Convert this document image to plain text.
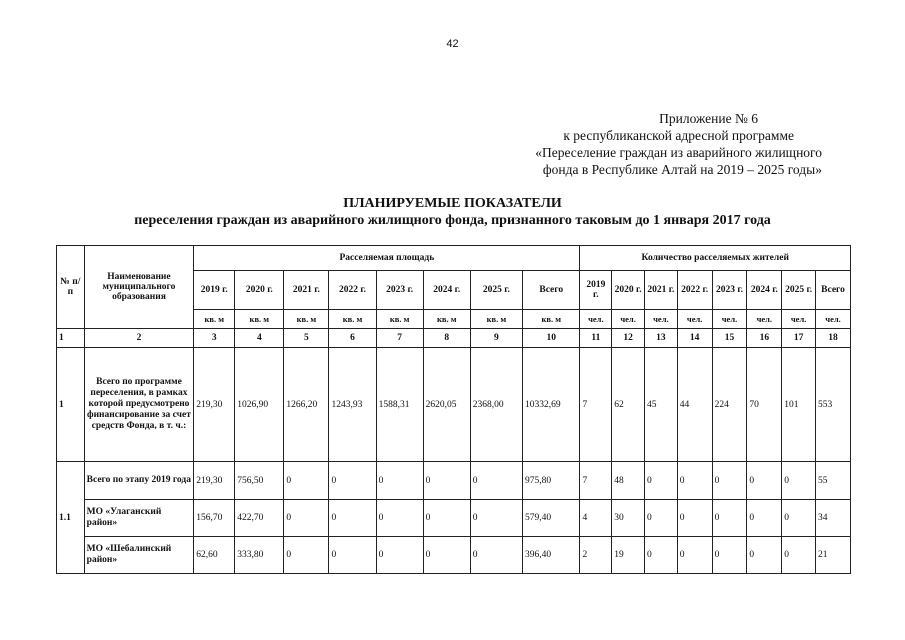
42
Приложение № 6
к республиканской адресной программе
«Переселение граждан из аварийного жилищного
фонда в Республике Алтай на 2019 – 2025 годы»
ПЛАНИРУЕМЫЕ ПОКАЗАТЕЛИ
переселения граждан из аварийного жилищного фонда, признанного таковым до 1 января 2017 года
№ п/п	Наименование муниципального образования	Расселяемая площадь								Количество расселяемых жителей							
		2019 г.	2020 г.	2021 г.	2022 г.	2023 г.	2024 г.	2025 г.	Всего	2019 г.	2020 г.	2021 г.	2022 г.	2023 г.	2024 г.	2025 г.	Всего
		кв. м	кв. м	кв. м	кв. м	кв. м	кв. м	кв. м	кв. м	чел.	чел.	чел.	чел.	чел.	чел.	чел.	чел.
1	2	3	4	5	6	7	8	9	10	11	12	13	14	15	16	17	18
1	Всего по программе переселения, в рамках которой предусмотрено финансирование за счет средств Фонда, в т. ч.:	219,30	1026,90	1266,20	1243,93	1588,31	2620,05	2368,00	10332,69	7	62	45	44	224	70	101	553
1.1	Всего по этапу 2019 года	219,30	756,50	0	0	0	0	0	975,80	7	48	0	0	0	0	0	55
	МО «Улаганский район»	156,70	422,70	0	0	0	0	0	579,40	4	30	0	0	0	0	0	34
	МО «Шебалинский район»	62,60	333,80	0	0	0	0	0	396,40	2	19	0	0	0	0	0	21
